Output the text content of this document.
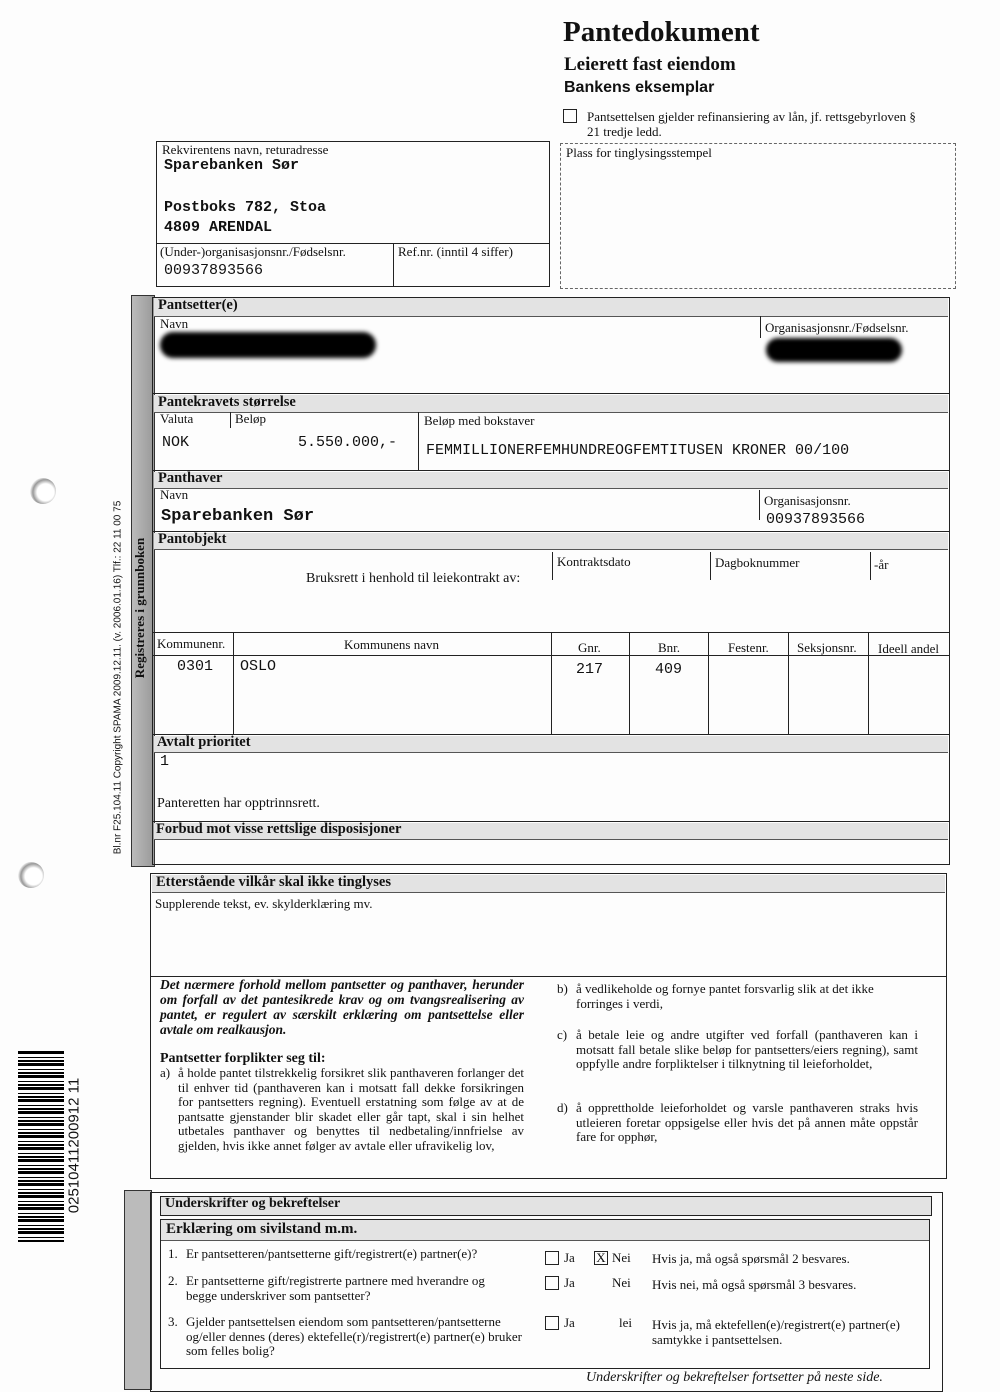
Pantedokument
Leierett fast eiendom
Bankens eksemplar
Pantsettelsen gjelder refinansiering av lån, jf. rettsgebyrloven § 21 tredje ledd.
Plass for tinglysingsstempel
Rekvirentens navn, returadresse
Sparebanken Sør
Postboks 782, Stoa
4809 ARENDAL
(Under-)organisasjonsnr./Fødselsnr.
00937893566
Ref.nr. (inntil 4 siffer)
Registreres i grunnboken
Bl.nr F25.104.11 Copyright SPAMA 2009.12.11. (v. 2006.01.16) Tlf.: 22 11 00 75
Pantsetter(e)
Navn	Organisasjonsnr./Fødselsnr.
Pantekravets størrelse
Valuta	Beløp	Beløp med bokstaver
NOK	5.550.000,- FEMMILLIONERFEMHUNDREOGFEMTITUSEN KRONER 00/100
Panthaver
Navn
Sparebanken Sør
Organisasjonsnr.
00937893566
Pantobjekt
Bruksrett i henhold til leiekontrakt av:
Kontraktsdato	Dagboknummer	-år
Kommunenr.	Kommunens navn	Gnr.	Bnr.	Festenr. Seksjonsnr. Ideell andel
0301 OSLO	217	409
Avtalt prioritet
1
Panteretten har opptrinnsrett.
Forbud mot visse rettslige disposisjoner
Etterstående vilkår skal ikke tinglyses
Supplerende tekst, ev. skylderklæring mv.
Det nærmere forhold mellom pantsetter og panthaver, herunder om forfall av det pantesikrede krav og om tvangsrealisering av pantet, er regulert av særskilt erklæring om pantsettelse eller avtale om realkausjon.
Pantsetter forplikter seg til:
a) å holde pantet tilstrekkelig forsikret slik panthaveren forlanger det til enhver tid (panthaveren kan i motsatt fall dekke forsikringen for pantsetters regning). Eventuell erstatning som følge av at de pantsatte gjenstander blir skadet eller går tapt, skal i sin helhet utbetales panthaver og benyttes til nedbetaling/innfrielse av gjelden, hvis ikke annet følger av avtale eller ufravikelig lov,
b) å vedlikeholde og fornye pantet forsvarlig slik at det ikke forringes i verdi,
c) å betale leie og andre utgifter ved forfall (panthaveren kan i motsatt fall betale slike beløp for pantsetters/eiers regning), samt oppfylle andre forpliktelser i tilknytning til leieforholdet,
d) å opprettholde leieforholdet og varsle panthaveren straks hvis utleieren foretar oppsigelse eller hvis det på annen måte oppstår fare for opphør,
02510411200912 11	Underskrifter og bekreftelser
Erklæring om sivilstand m.m.
1. Er pantsetteren/pantsetterne gift/registrert(e) partner(e)?	Ja X Nei Hvis ja, må også spørsmål 2 besvares.
2. Er pantsetterne gift/registrerte partnere med hverandre og begge underskriver som pantsetter?
Ja	Nei Hvis nei, må også spørsmål 3 besvares.
3. Gjelder pantsettelsen eiendom som pantsetteren/pantsetterne og/eller dennes (deres) ektefelle(r)/registrert(e) partner(e) bruker som felles bolig?
Ja	lei Hvis ja, må ektefellen(e)/registrert(e) partner(e) samtykke i pantsettelsen.
Underskrifter og bekreftelser fortsetter på neste side.
